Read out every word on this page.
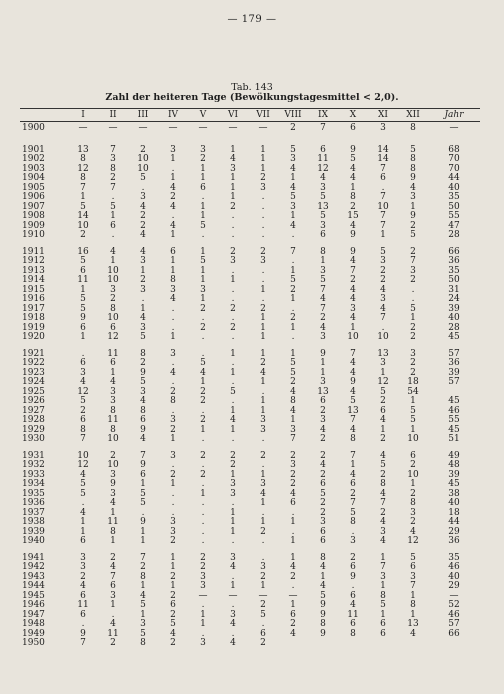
— 179 —
Tab. 143
Zahl der heiteren Tage (Bewölkungstagesmittel < 2,0).
I	II	III	IV	V	VI	VII	VIII	IX	X	XI	XII	Jahr
1900	—	—	—	—	—	—	—	2	7	6	3	8	—
1901	13	7	2	3	3	1	1	5	6	9	14	5	68
1902	8	3	10	1	2	4	1	3	11	5	14	8	70
1903	12	8	10	.	1	3	1	4	12	4	7	8	70
1904	8	2	5	1	1	1	2	1	4	4	6	9	44
1905	7	7	.	4	6	1	3	4	3	1	.	4	40
1906	1	.	3	2	.	1	.	5	5	8	7	3	35
1907	5	5	4	4	1	2	.	3	13	2	10	1	50
1908	14	1	2	.	1	.	.	1	5	15	7	9	55
1909	10	6	2	4	5	.	.	4	3	4	7	2	47
1910	2	.	4	1	.	.	.	.	6	9	1	5	28
1911	16	4	4	6	1	2	2	7	8	9	5	2	66
1912	5	1	3	1	5	3	3	.	1	4	3	7	36
1913	6	10	1	1	1	.	.	1	3	7	2	3	35
1914	11	10	2	8	1	1	.	5	5	2	2	2	50
1915	1	3	3	3	3	.	1	2	7	4	4	.	31
1916	5	2	.	4	1	.	.	1	4	4	3	.	24
1917	5	8	1	.	2	2	2	.	7	3	4	5	39
1918	9	10	4	.	.	.	1	2	2	4	7	1	40
1919	6	6	3	.	2	2	1	1	4	1	.	2	28
1920	1	12	5	1	.	.	1	.	3	10	10	2	45
1921	.	11	8	3	.	1	1	1	9	7	13	3	57
1922	6	6	2	.	5	.	2	5	1	4	3	2	36
1923	3	1	9	4	4	1	4	5	1	4	1	2	39
1924	4	4	5	.	1	.	1	2	3	9	12	18	57
1925	12	3	3	2	2	5	.	4	13	4	5	54
1926	5	3	4	8	2	.	1	8	6	5	2	1	45
1927	2	8	8	.	.	1	1	4	2	13	6	5	46
1928	6	11	6	3	2	4	3	1	3	7	4	5	55
1929	8	8	9	2	1	1	3	3	4	4	1	1	45
1930	7	10	4	1	.	.	.	7	2	8	2	10	51
1931	10	2	7	3	2	2	2	2	2	7	4	6	49
1932	12	10	9	.	.	2	.	3	4	1	5	2	48
1933	4	3	6	2	2	1	1	2	2	4	2	10	39
1934	5	9	1	1	.	3	3	2	6	6	8	1	45
1935	5	3	5	.	1	3	4	4	5	2	4	2	38
1936	.	4	5	.	.	.	1	6	2	7	7	8	40
1937	4	1	.	.	.	1	.	.	2	5	2	3	18
1938	1	11	9	3	.	1	1	1	3	8	4	2	44
1939	1	8	1	3	.	1	2	.	6	.	3	4	29
1940	6	1	1	2	.	.	.	1	6	3	4	12	36
1941	3	2	7	1	2	3	.	1	8	2	1	5	35
1942	3	4	2	1	2	4	3	4	4	6	7	6	46
1943	2	7	8	2	3	.	2	2	1	9	3	3	40
1944	4	6	1	1	3	1	1	.	4	.	1	7	29
1945	6	3	4	2	—	—	—	—	5	6	8	1	—
1946	11	1	5	6	.	.	2	1	9	4	5	8	52
1947	6	.	1	2	1	3	5	6	9	11	1	1	46
1948	.	4	3	5	1	4	.	2	8	6	6	13	57
1949	9	11	5	4	.	.	6	4	9	8	6	4	66
1950	7	2	8	2	3	4	2
